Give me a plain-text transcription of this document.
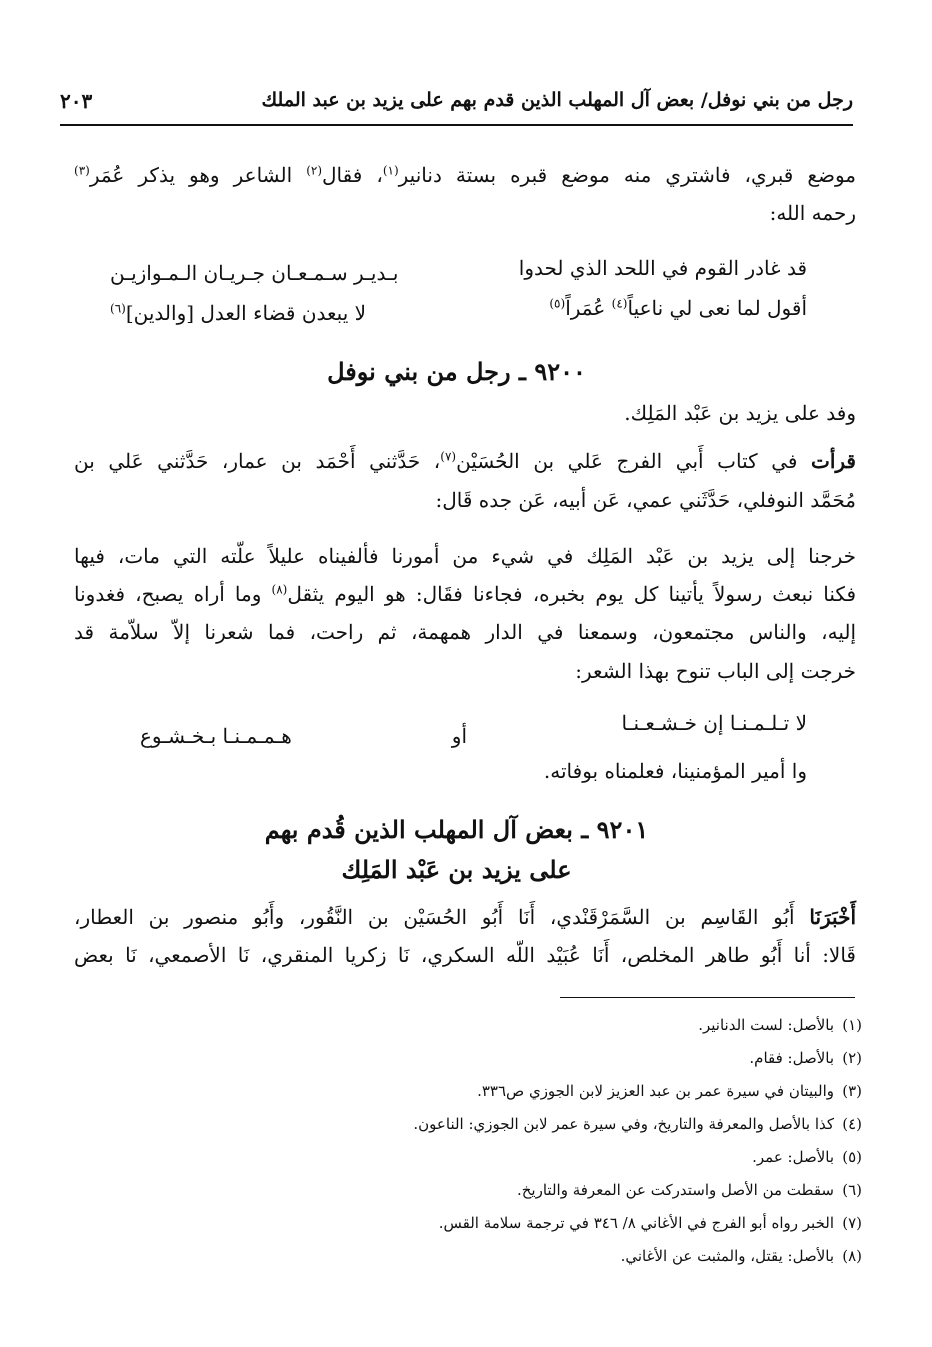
رجل من بني نوفل/ بعض آل المهلب الذين قدم بهم على يزيد بن عبد الملك
٢٠٣
موضع قبري، فاشتري منه موضع قبره بستة دنانير$^{(١)}$، فقال$^{(٢)}$ الشاعر وهو يذكر عُمَر$^{(٣)}$
رحمه الله:
قد غادر القوم في اللحد الذي لحدوا
بـديـر سـمـعـان جـريـان الـمـوازيـن
أقول لما نعى لي ناعياً$^{(٤)}$ عُمَراً$^{(٥)}$
لا يبعدن قضاء العدل [والدين]$^{(٦)}$
٩٢٠٠ ـ رجل من بني نوفل
وفد على يزيد بن عَبْد المَلِك.
قرأت في كتاب أَبي الفرج عَلي بن الحُسَيْن$^{(٧)}$، حَدَّثني أَحْمَد بن عمار، حَدَّثني عَلي بن
مُحَمَّد النوفلي، حَدَّثَني عمي، عَن أبيه، عَن جده قَال:
خرجنا إلى يزيد بن عَبْد المَلِك في شيء من أمورنا فألفيناه عليلاً علّته التي مات، فيها
فكنا نبعث رسولاً يأتينا كل يوم بخبره، فجاءنا فقَال: هو اليوم يثقل$^{(٨)}$ وما أراه يصبح، فغدونا
إليه، والناس مجتمعون، وسمعنا في الدار همهمة، ثم راحت، فما شعرنا إلاّ سلاّمة قد
خرجت إلى الباب تنوح بهذا الشعر:
لا تـلـمـنـا إن خـشـعـنـا
أو
هـمـمـنـا بـخـشـوع
وا أمير المؤمنينا، فعلمناه بوفاته.
٩٢٠١ ـ بعض آل المهلب الذين قُدم بهم
على يزيد بن عَبْد المَلِك
أَخْبَرَنَا أَبُو القَاسِم بن السَّمَرْقَنْدي، أَنَا أَبُو الحُسَيْن بن النَّقُور، وأَبُو منصور بن العطار،
قَالا: أنا أَبُو طاهر المخلص، أَنَا عُبَيْد اللّه السكري، نَا زكريا المنقري، نَا الأصمعي، نَا بعض
(١)بالأصل: لست الدنانير.
(٢)بالأصل: فقام.
(٣)والبيتان في سيرة عمر بن عبد العزيز لابن الجوزي ص٣٣٦.
(٤)كذا بالأصل والمعرفة والتاريخ، وفي سيرة عمر لابن الجوزي: الناعون.
(٥)بالأصل: عمر.
(٦)سقطت من الأصل واستدركت عن المعرفة والتاريخ.
(٧)الخبر رواه أبو الفرج في الأغاني ٨/ ٣٤٦ في ترجمة سلامة القس.
(٨)بالأصل: يقتل، والمثبت عن الأغاني.
